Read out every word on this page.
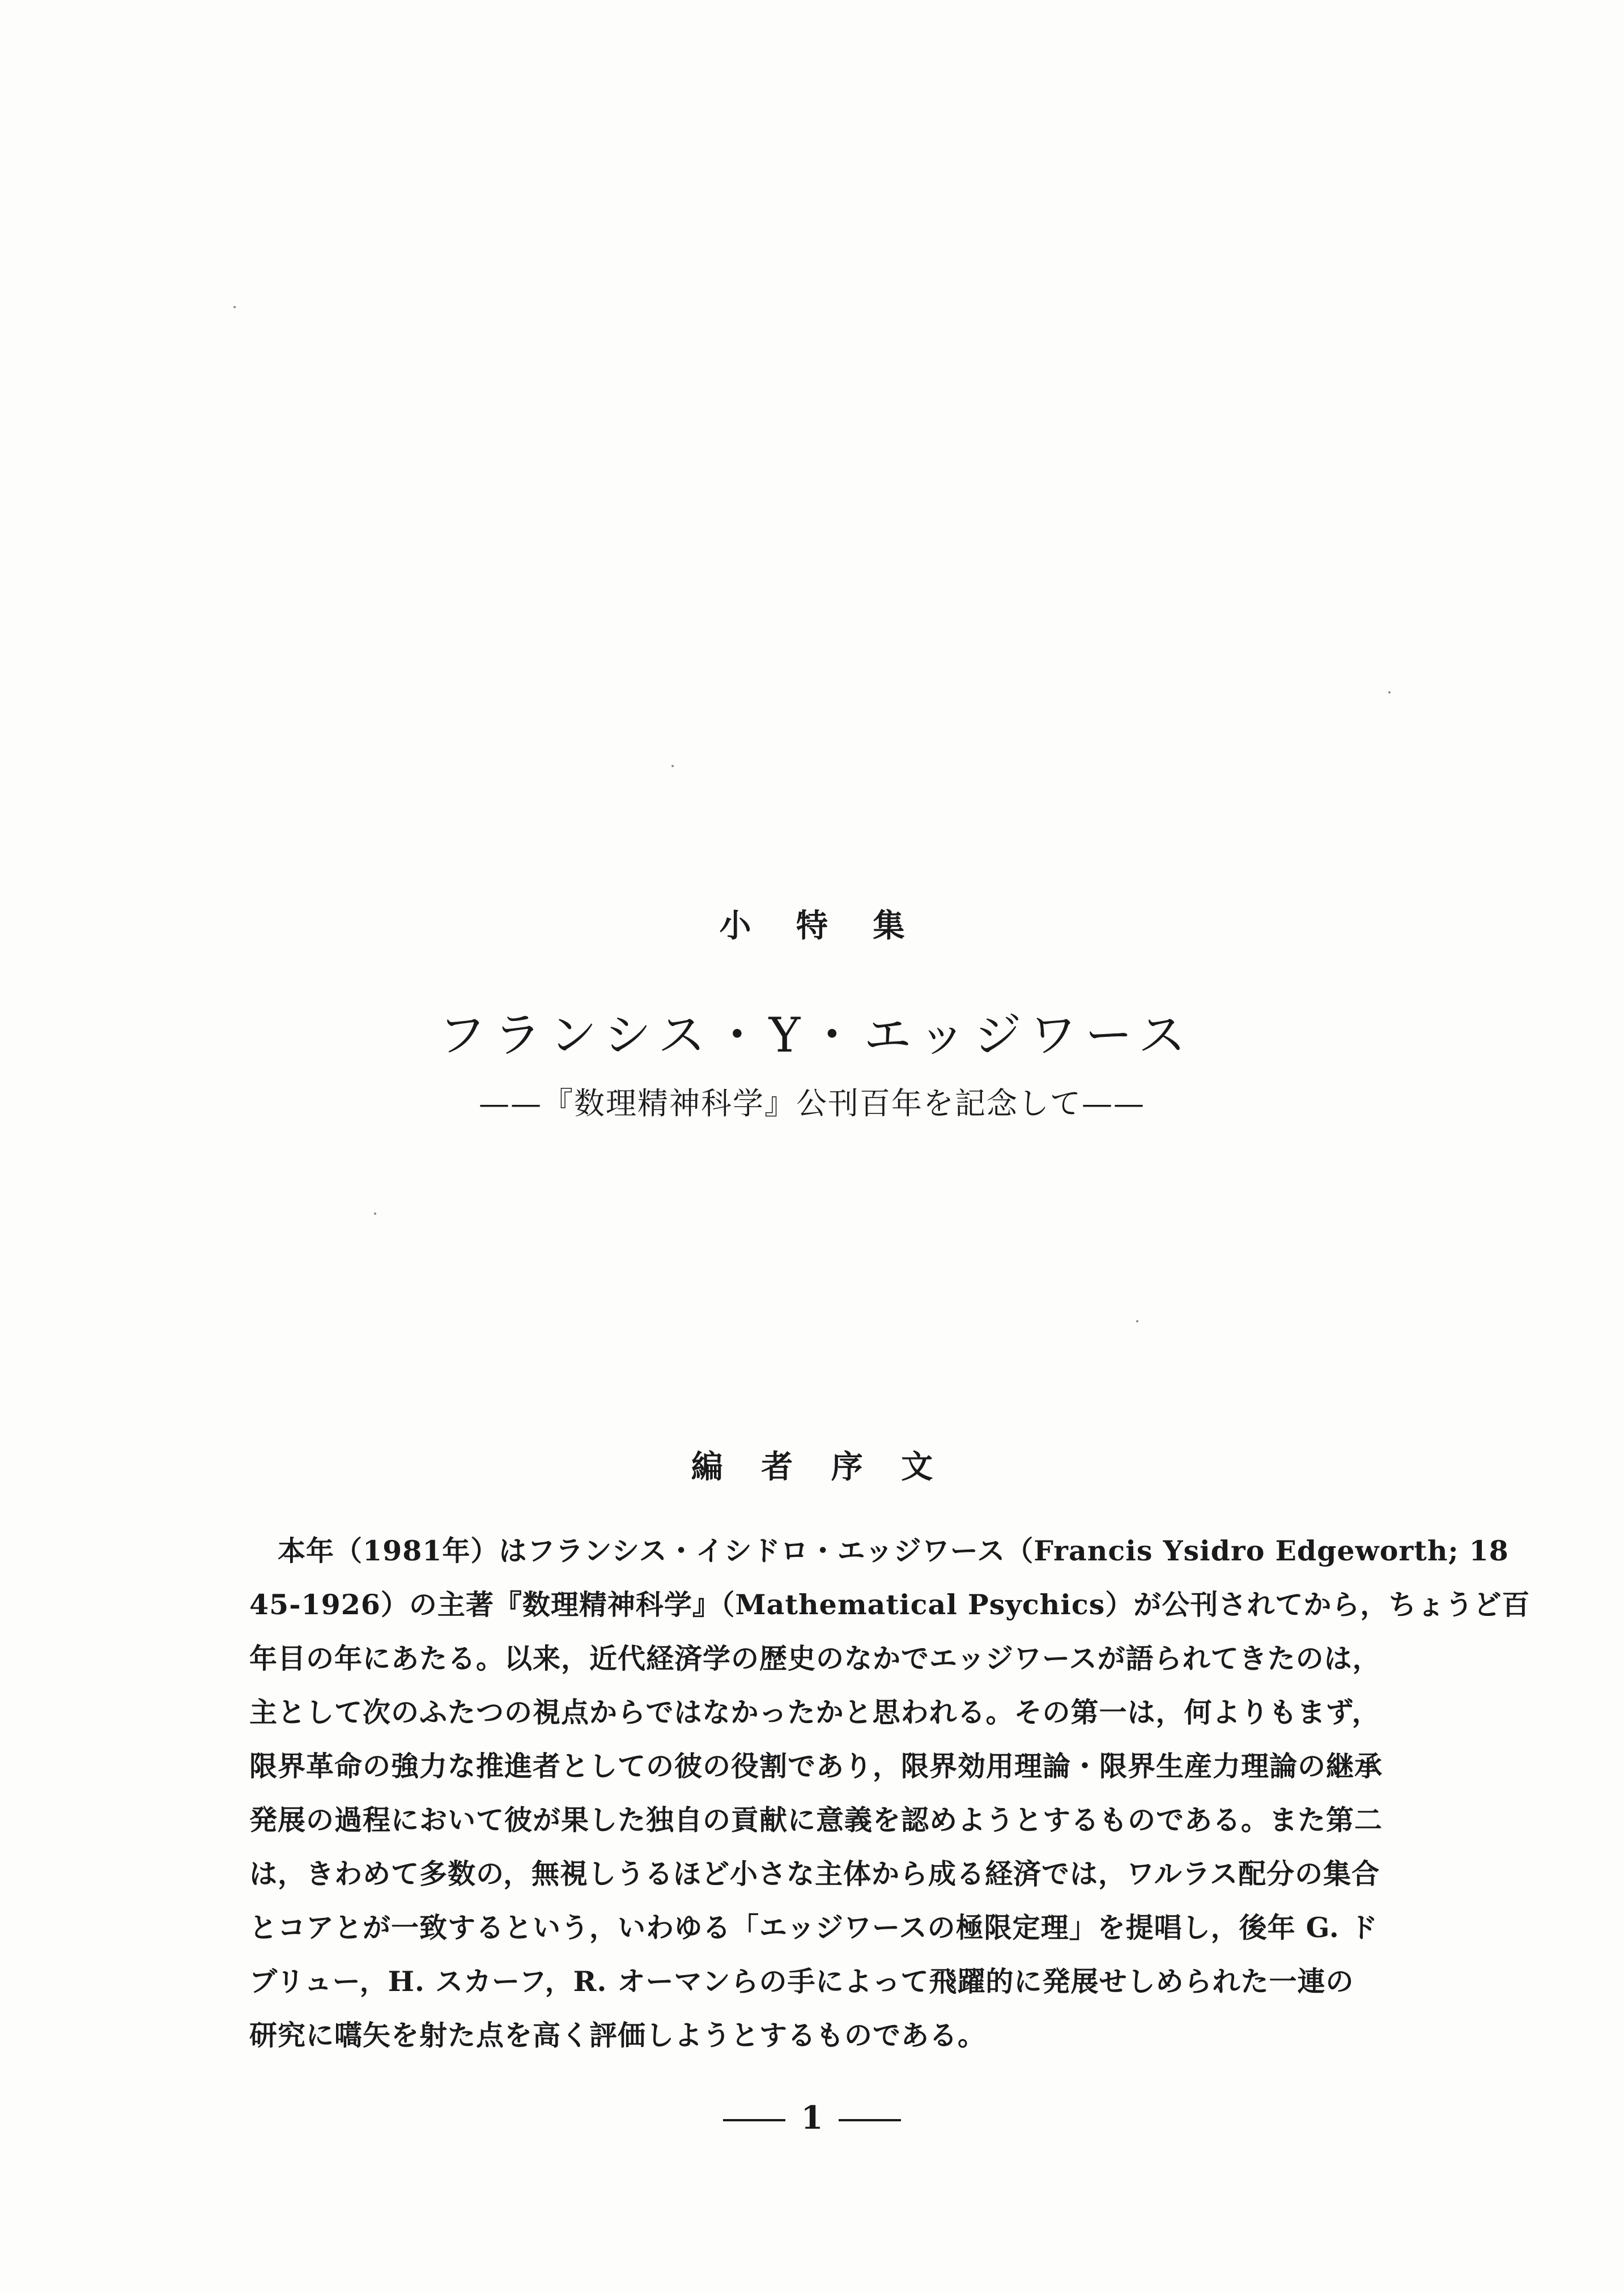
小 特 集
フランシス・Y・エッジワース
——『数理精神科学』公刊百年を記念して——
編 者 序 文
本年（1981年）はフランシス・イシドロ・エッジワース（Francis Ysidro Edgeworth; 18
45-1926）の主著『数理精神科学』（Mathematical Psychics）が公刊されてから，ちょうど百
年目の年にあたる。以来，近代経済学の歴史のなかでエッジワースが語られてきたのは，
主として次のふたつの視点からではなかったかと思われる。その第一は，何よりもまず，
限界革命の強力な推進者としての彼の役割であり，限界効用理論・限界生産力理論の継承
発展の過程において彼が果した独自の貢献に意義を認めようとするものである。また第二
は，きわめて多数の，無視しうるほど小さな主体から成る経済では，ワルラス配分の集合
とコアとが一致するという，いわゆる「エッジワースの極限定理」を提唱し，後年 G. ド
ブリュー，H. スカーフ，R. オーマンらの手によって飛躍的に発展せしめられた一連の
研究に嚆矢を射た点を高く評価しようとするものである。
1
